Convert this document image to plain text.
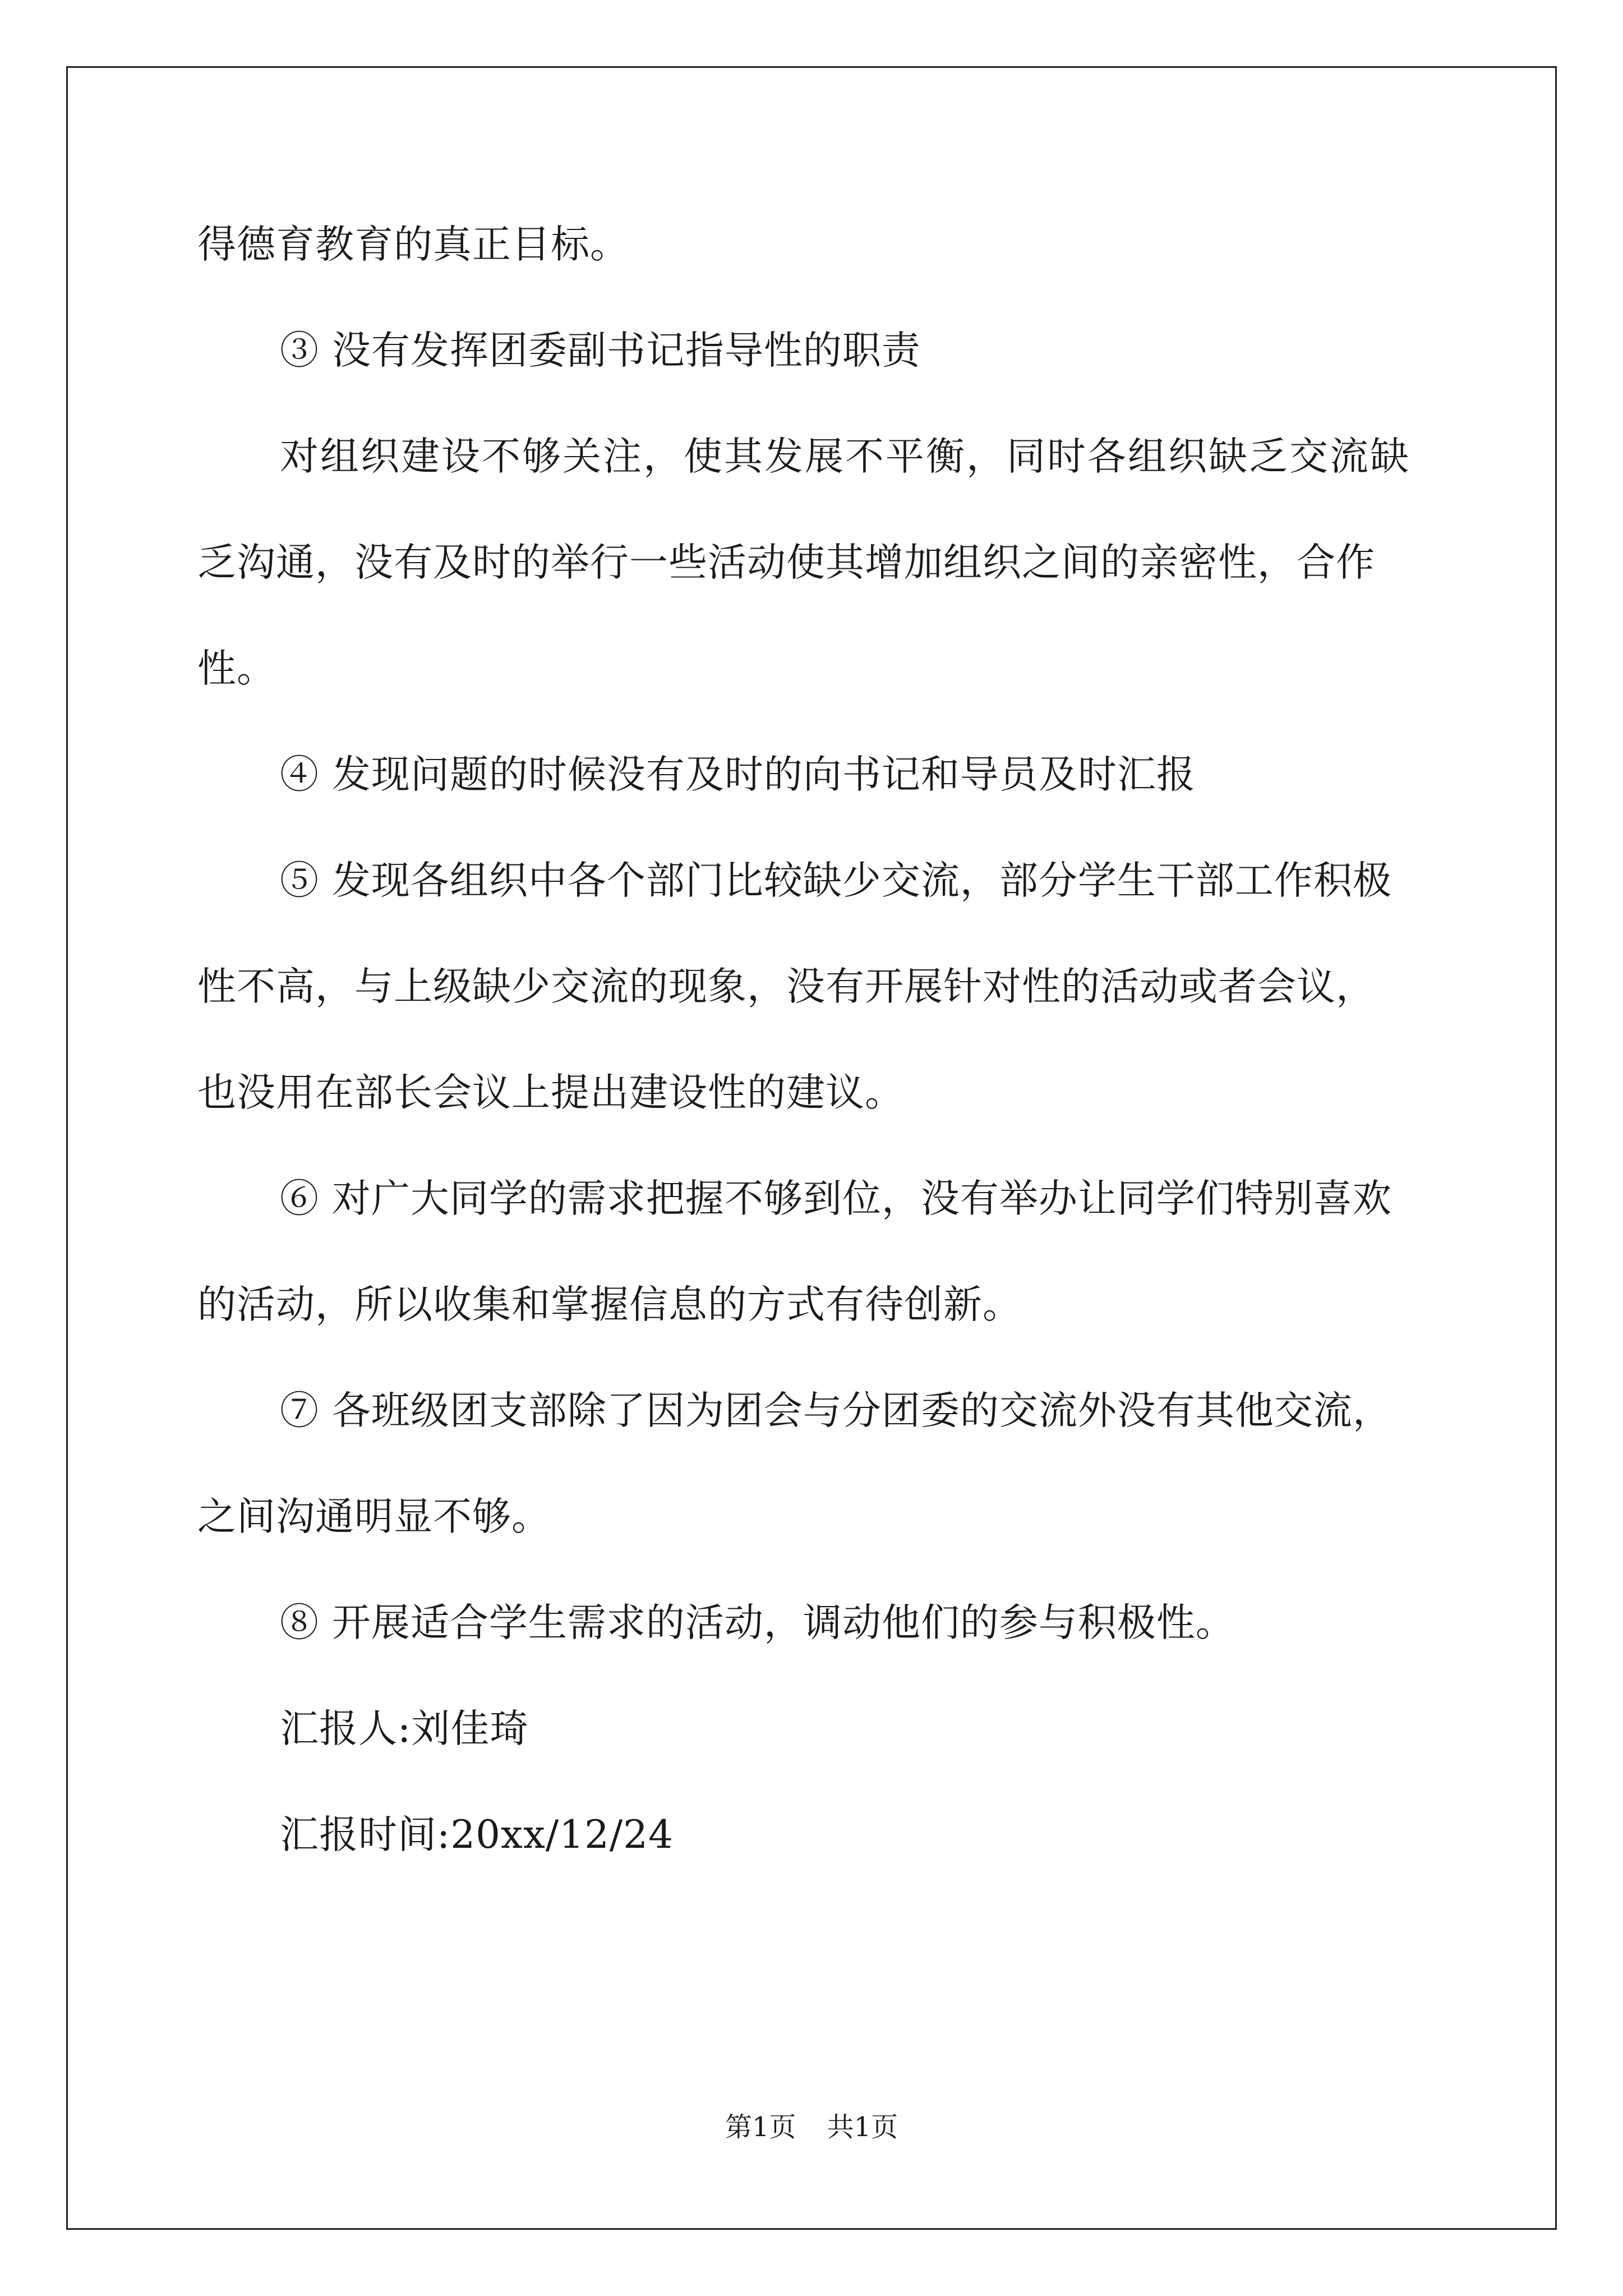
得德育教育的真正目标。
③ 没有发挥团委副书记指导性的职责
对组织建设不够关注，使其发展不平衡，同时各组织缺乏交流缺
乏沟通，没有及时的举行一些活动使其增加组织之间的亲密性，合作
性。
④ 发现问题的时候没有及时的向书记和导员及时汇报
⑤ 发现各组织中各个部门比较缺少交流，部分学生干部工作积极
性不高，与上级缺少交流的现象，没有开展针对性的活动或者会议，
也没用在部长会议上提出建设性的建议。
⑥ 对广大同学的需求把握不够到位，没有举办让同学们特别喜欢
的活动，所以收集和掌握信息的方式有待创新。
⑦ 各班级团支部除了因为团会与分团委的交流外没有其他交流，
之间沟通明显不够。
⑧ 开展适合学生需求的活动，调动他们的参与积极性。
汇报人:刘佳琦
汇报时间:20xx/12/24
第1页 共1页
